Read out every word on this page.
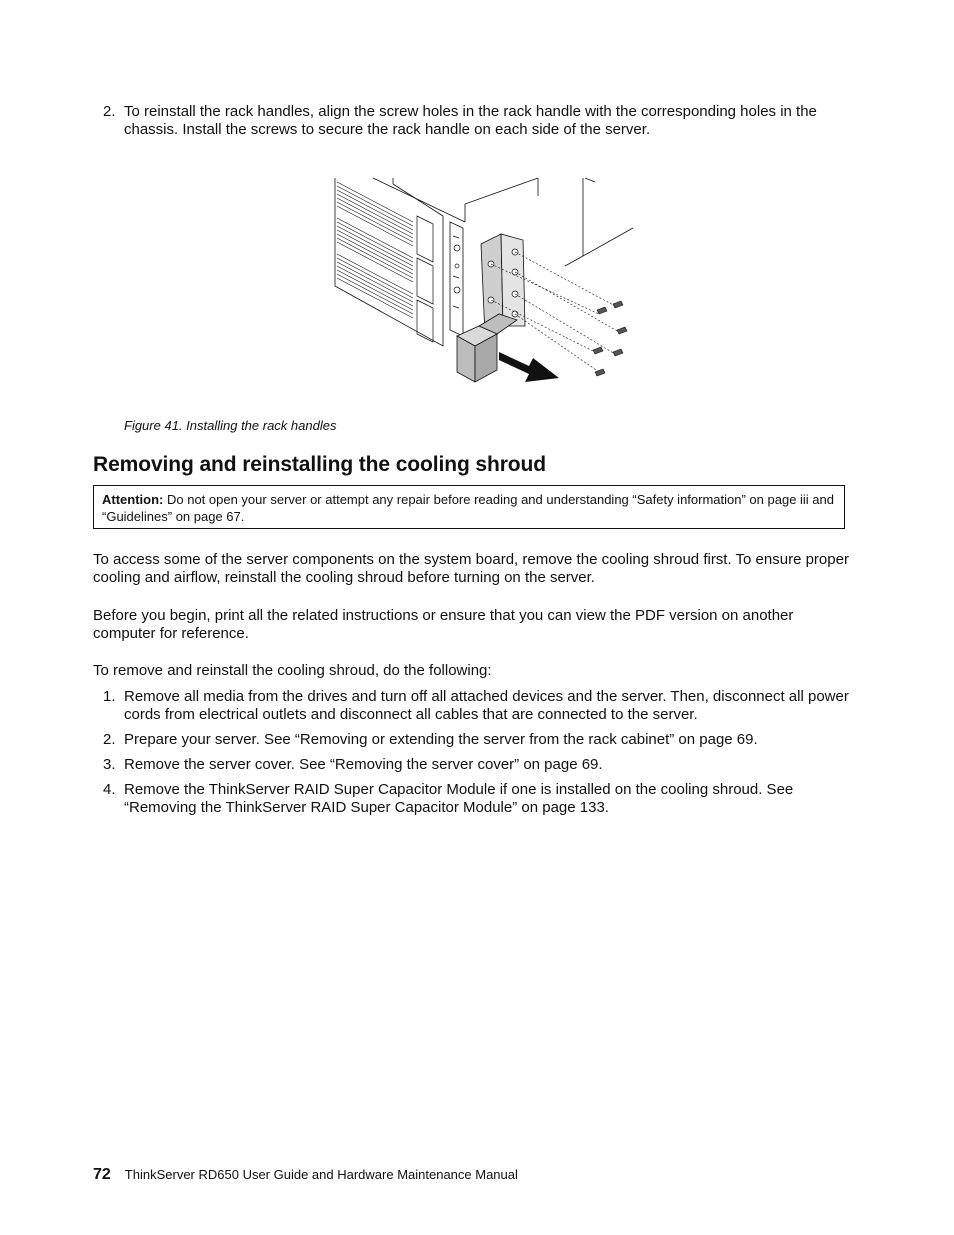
2. To reinstall the rack handles, align the screw holes in the rack handle with the corresponding holes in the chassis. Install the screws to secure the rack handle on each side of the server.
Figure 41. Installing the rack handles
Removing and reinstalling the cooling shroud
Attention: Do not open your server or attempt any repair before reading and understanding “Safety information” on page iii and “Guidelines” on page 67.

To access some of the server components on the system board, remove the cooling shroud first. To ensure proper cooling and airflow, reinstall the cooling shroud before turning on the server.

Before you begin, print all the related instructions or ensure that you can view the PDF version on another computer for reference.

To remove and reinstall the cooling shroud, do the following:

1. Remove all media from the drives and turn off all attached devices and the server. Then, disconnect all power cords from electrical outlets and disconnect all cables that are connected to the server.
2. Prepare your server. See “Removing or extending the server from the rack cabinet” on page 69.
3. Remove the server cover. See “Removing the server cover” on page 69.
4. Remove the ThinkServer RAID Super Capacitor Module if one is installed on the cooling shroud. See “Removing the ThinkServer RAID Super Capacitor Module” on page 133.
72 ThinkServer RD650 User Guide and Hardware Maintenance Manual
